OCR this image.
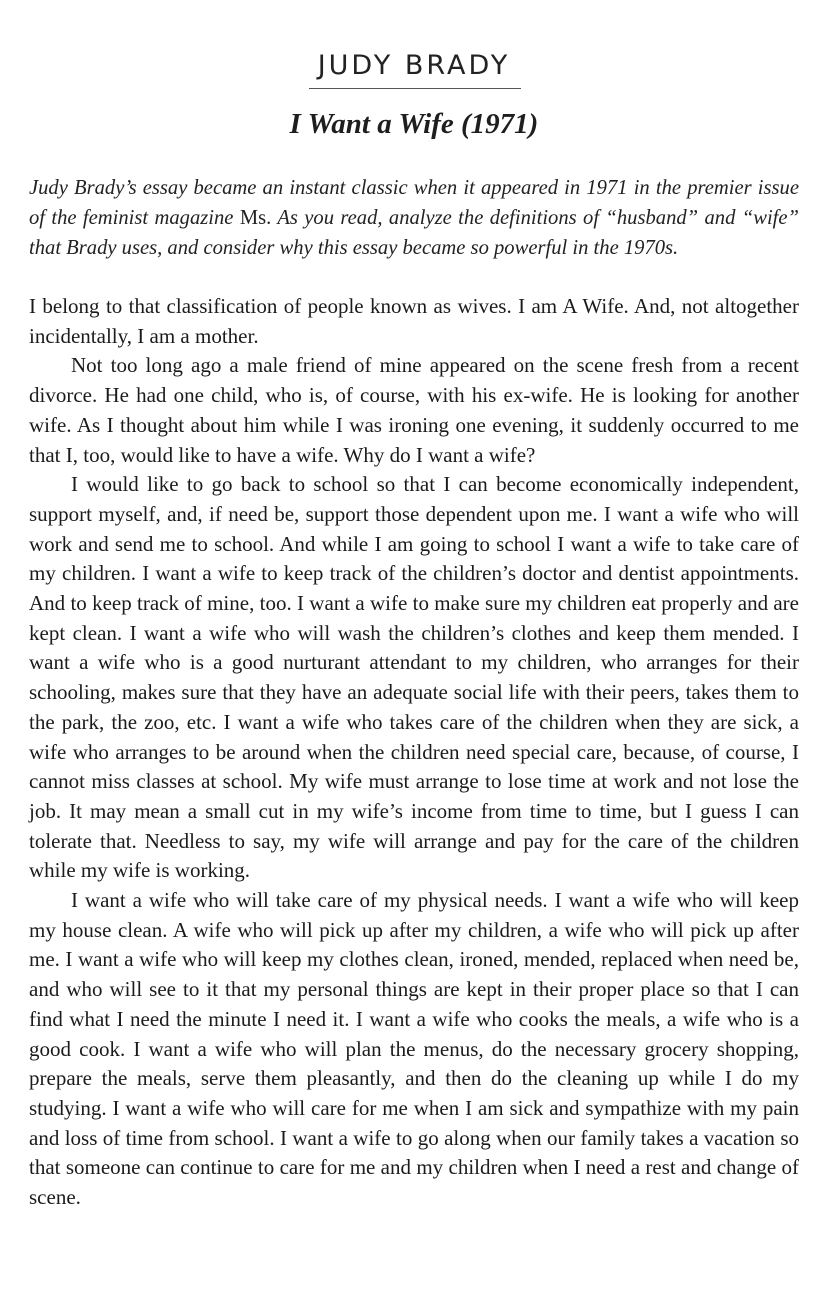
JUDY BRADY
I Want a Wife (1971)
Judy Brady’s essay became an instant classic when it appeared in 1971 in the premier issue of the feminist magazine Ms. As you read, analyze the definitions of “husband” and “wife” that Brady uses, and consider why this essay became so powerful in the 1970s.

I belong to that classification of people known as wives. I am A Wife. And, not altogether incidentally, I am a mother.

Not too long ago a male friend of mine appeared on the scene fresh from a recent divorce. He had one child, who is, of course, with his ex-wife. He is looking for another wife. As I thought about him while I was ironing one evening, it suddenly occurred to me that I, too, would like to have a wife. Why do I want a wife?

I would like to go back to school so that I can become economically independent, support myself, and, if need be, support those dependent upon me. I want a wife who will work and send me to school. And while I am going to school I want a wife to take care of my children. I want a wife to keep track of the children’s doctor and dentist appointments. And to keep track of mine, too. I want a wife to make sure my children eat properly and are kept clean. I want a wife who will wash the children’s clothes and keep them mended. I want a wife who is a good nurturant attendant to my children, who arranges for their schooling, makes sure that they have an adequate social life with their peers, takes them to the park, the zoo, etc. I want a wife who takes care of the children when they are sick, a wife who arranges to be around when the children need special care, because, of course, I cannot miss classes at school. My wife must arrange to lose time at work and not lose the job. It may mean a small cut in my wife’s income from time to time, but I guess I can tolerate that. Needless to say, my wife will arrange and pay for the care of the children while my wife is working.

I want a wife who will take care of my physical needs. I want a wife who will keep my house clean. A wife who will pick up after my children, a wife who will pick up after me. I want a wife who will keep my clothes clean, ironed, mended, replaced when need be, and who will see to it that my personal things are kept in their proper place so that I can find what I need the minute I need it. I want a wife who cooks the meals, a wife who is a good cook. I want a wife who will plan the menus, do the necessary grocery shopping, prepare the meals, serve them pleasantly, and then do the cleaning up while I do my studying. I want a wife who will care for me when I am sick and sympathize with my pain and loss of time from school. I want a wife to go along when our family takes a vacation so that someone can continue to care for me and my children when I need a rest and change of scene.
